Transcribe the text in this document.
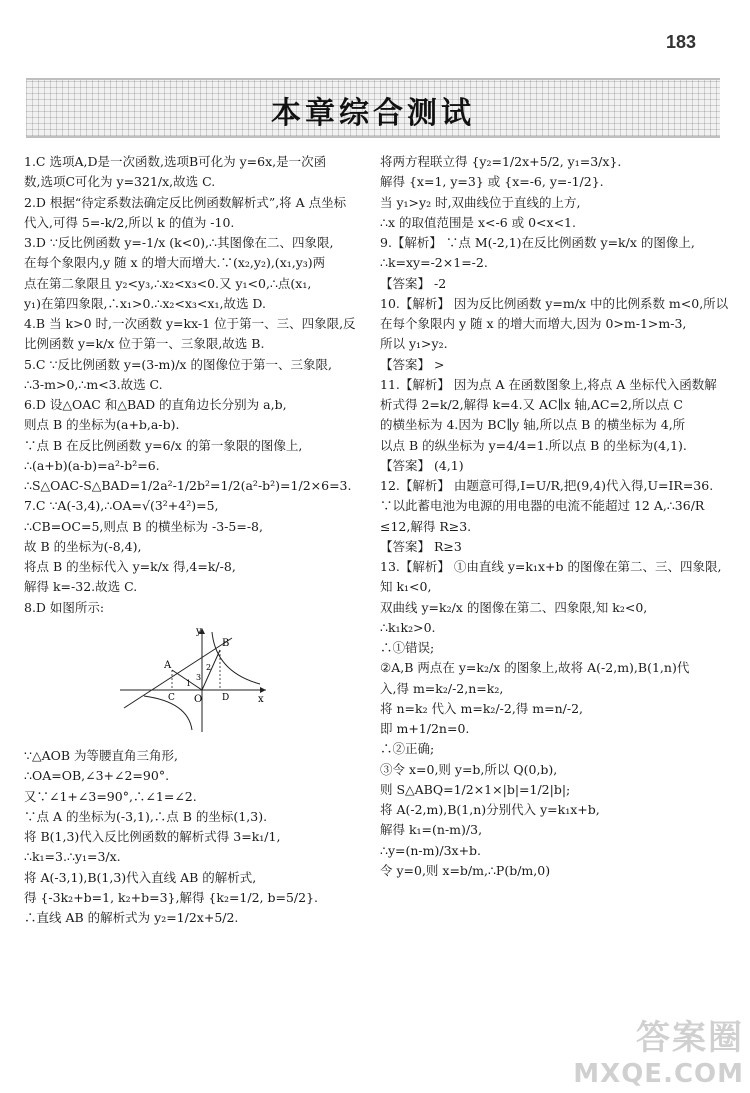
183
本章综合测试
1.C 选项A,D是一次函数,选项B可化为 y=6x,是一次函
数,选项C可化为 y=321/x,故选 C.
2.D 根据“待定系数法确定反比例函数解析式”,将 A 点坐标
代入,可得 5=-k/2,所以 k 的值为 -10.
3.D ∵反比例函数 y=-1/x (k<0),∴其图像在二、四象限,
在每个象限内,y 随 x 的增大而增大.∵(x₂,y₂),(x₁,y₃)两
点在第二象限且 y₂<y₃,∴x₂<x₃<0.又 y₁<0,∴点(x₁,
y₁)在第四象限,∴x₁>0.∴x₂<x₃<x₁,故选 D.
4.B 当 k>0 时,一次函数 y=kx-1 位于第一、三、四象限,反
比例函数 y=k/x 位于第一、三象限,故选 B.
5.C ∵反比例函数 y=(3-m)/x 的图像位于第一、三象限,
∴3-m>0,∴m<3.故选 C.
6.D 设△OAC 和△BAD 的直角边长分别为 a,b,
则点 B 的坐标为(a+b,a-b).
∵点 B 在反比例函数 y=6/x 的第一象限的图像上,
∴(a+b)(a-b)=a²-b²=6.
∴S△OAC-S△BAD=1/2a²-1/2b²=1/2(a²-b²)=1/2×6=3.
7.C ∵A(-3,4),∴OA=√(3²+4²)=5,
∴CB=OC=5,则点 B 的横坐标为 -3-5=-8,
故 B 的坐标为(-8,4),
将点 B 的坐标代入 y=k/x 得,4=k/-8,
解得 k=-32.故选 C.
8.D 如图所示:
y
x
O
A
B
C	D
1
2
3
∵△AOB 为等腰直角三角形,
∴OA=OB,∠3+∠2=90°.
又∵∠1+∠3=90°,∴∠1=∠2.
∵点 A 的坐标为(-3,1),∴点 B 的坐标(1,3).
将 B(1,3)代入反比例函数的解析式得 3=k₁/1,
∴k₁=3.∴y₁=3/x.
将 A(-3,1),B(1,3)代入直线 AB 的解析式,
得 {-3k₂+b=1, k₂+b=3},解得 {k₂=1/2, b=5/2}.
∴直线 AB 的解析式为 y₂=1/2x+5/2.
将两方程联立得 {y₂=1/2x+5/2, y₁=3/x}.
解得 {x=1, y=3} 或 {x=-6, y=-1/2}.
当 y₁>y₂ 时,双曲线位于直线的上方,
∴x 的取值范围是 x<-6 或 0<x<1.
9.【解析】 ∵点 M(-2,1)在反比例函数 y=k/x 的图像上,
∴k=xy=-2×1=-2.
【答案】 -2
10.【解析】 因为反比例函数 y=m/x 中的比例系数 m<0,所以
在每个象限内 y 随 x 的增大而增大,因为 0>m-1>m-3,
所以 y₁>y₂.
【答案】 >
11.【解析】 因为点 A 在函数图象上,将点 A 坐标代入函数解
析式得 2=k/2,解得 k=4.又 AC∥x 轴,AC=2,所以点 C
的横坐标为 4.因为 BC∥y 轴,所以点 B 的横坐标为 4,所
以点 B 的纵坐标为 y=4/4=1.所以点 B 的坐标为(4,1).
【答案】 (4,1)
12.【解析】 由题意可得,I=U/R,把(9,4)代入得,U=IR=36.
∵以此蓄电池为电源的用电器的电流不能超过 12 A,∴36/R
≤12,解得 R≥3.
【答案】 R≥3
13.【解析】 ①由直线 y=k₁x+b 的图像在第二、三、四象限,
知 k₁<0,
双曲线 y=k₂/x 的图像在第二、四象限,知 k₂<0,
∴k₁k₂>0.
∴①错误;
②A,B 两点在 y=k₂/x 的图象上,故将 A(-2,m),B(1,n)代
入,得 m=k₂/-2,n=k₂,
将 n=k₂ 代入 m=k₂/-2,得 m=n/-2,
即 m+1/2n=0.
∴②正确;
③令 x=0,则 y=b,所以 Q(0,b),
则 S△ABQ=1/2×1×|b|=1/2|b|;
将 A(-2,m),B(1,n)分别代入 y=k₁x+b,
解得 k₁=(n-m)/3,
∴y=(n-m)/3x+b.
令 y=0,则 x=b/m,∴P(b/m,0)
答案圈
MXQE.COM
